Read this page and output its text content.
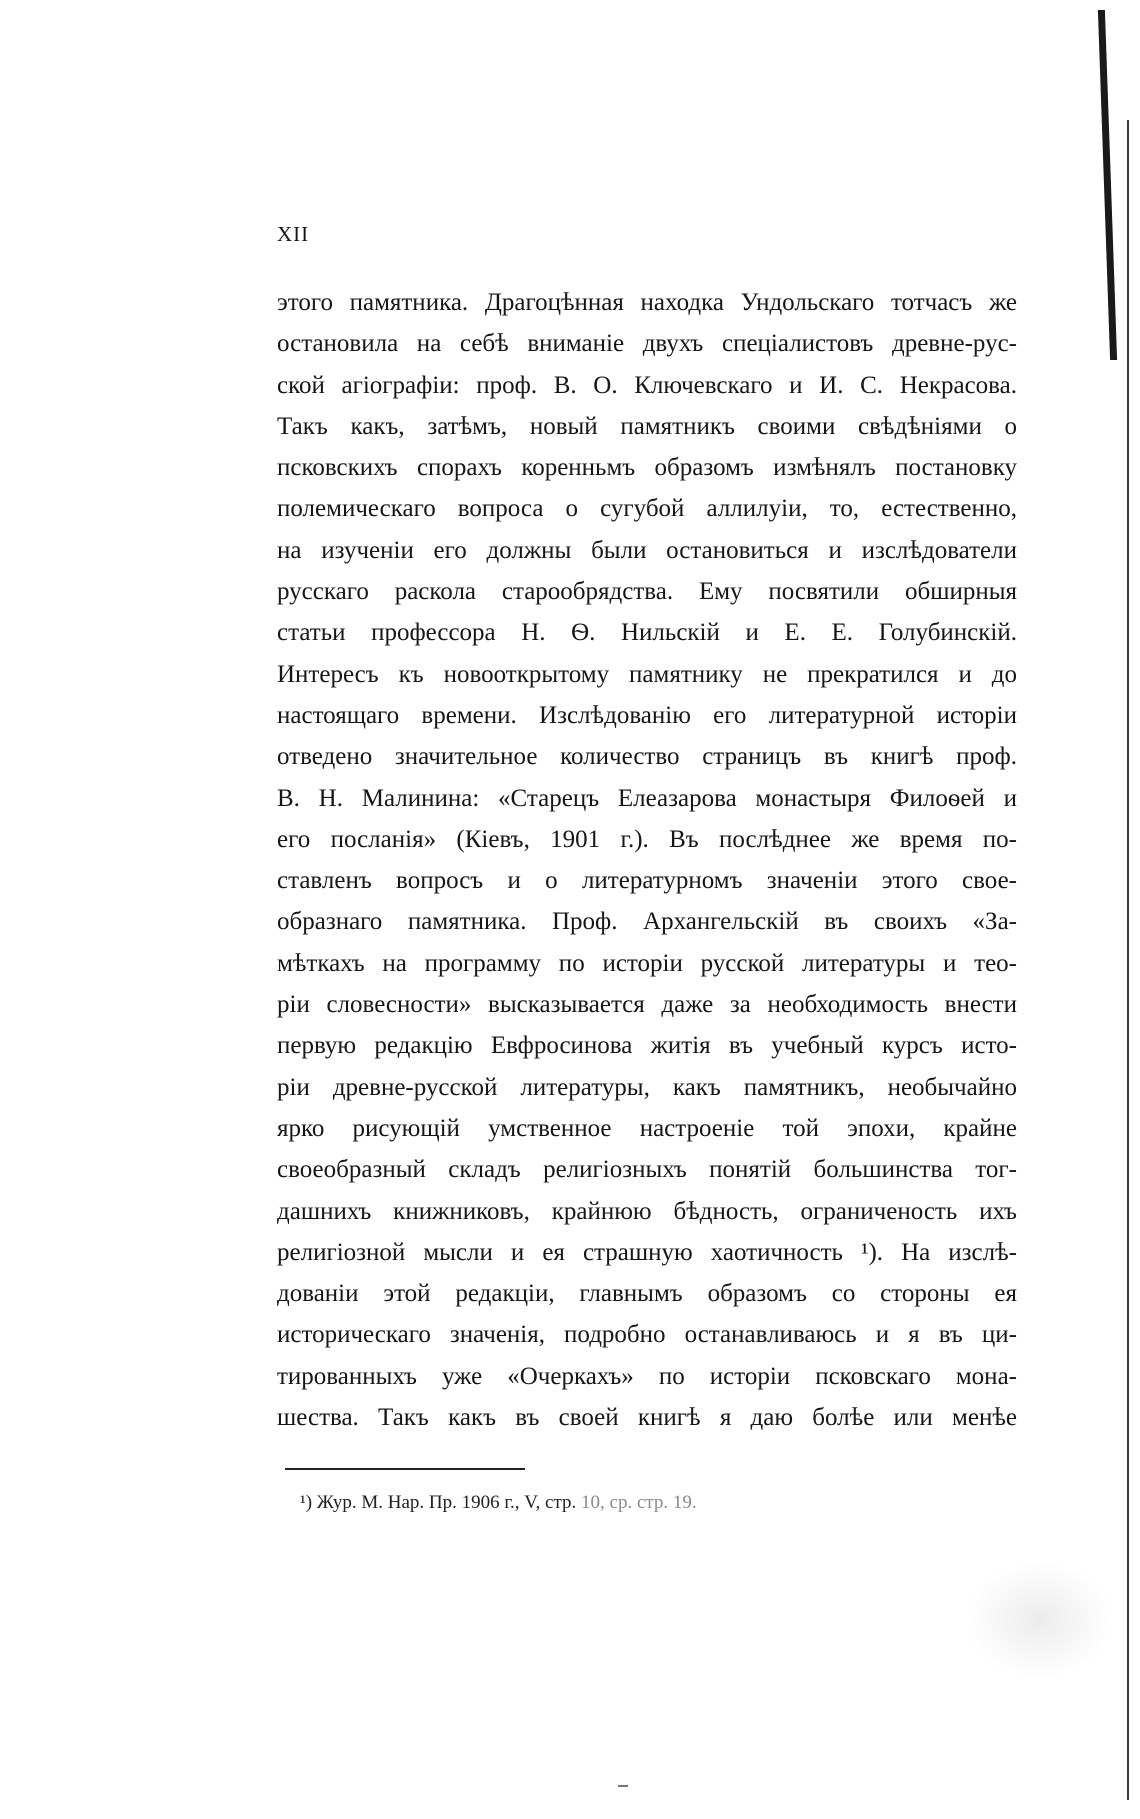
XII
этого памятника. Драгоцѣнная находка Ундольскаго тотчасъ же
остановила на себѣ вниманіе двухъ спеціалистовъ древне-рус-
ской агіографіи: проф. В. О. Ключевскаго и И. С. Некрасова.
Такъ какъ, затѣмъ, новый памятникъ своими свѣдѣніями о
псковскихъ спорахъ коренньмъ образомъ измѣнялъ постановку
полемическаго вопроса о сугубой аллилуіи, то, естественно,
на изученіи его должны были остановиться и изслѣдователи
русскаго раскола старообрядства. Ему посвятили обширныя
статьи профессора Н. Ѳ. Нильскій и Е. Е. Голубинскій.
Интересъ къ новооткрытому памятнику не прекратился и до
настоящаго времени. Изслѣдованію его литературной исторіи
отведено значительное количество страницъ въ книгѣ проф.
В. Н. Малинина: «Старецъ Елеазарова монастыря Филоѳей и
его посланія» (Кіевъ, 1901 г.). Въ послѣднее же время по-
ставленъ вопросъ и о литературномъ значеніи этого свое-
образнаго памятника. Проф. Архангельскій въ своихъ «За-
мѣткахъ на программу по исторіи русской литературы и тео-
ріи словесности» высказывается даже за необходимость внести
первую редакцію Евфросинова житія въ учебный курсъ исто-
ріи древне-русской литературы, какъ памятникъ, необычайно
ярко рисующій умственное настроеніе той эпохи, крайне
своеобразный складъ религіозныхъ понятій большинства тог-
дашнихъ книжниковъ, крайнюю бѣдность, ограниченость ихъ
религіозной мысли и ея страшную хаотичность ¹). На изслѣ-
дованіи этой редакціи, главнымъ образомъ со стороны ея
историческаго значенія, подробно останавливаюсь и я въ ци-
тированныхъ уже «Очеркахъ» по исторіи псковскаго мона-
шества. Такъ какъ въ своей книгѣ я даю болѣе или менѣе
¹) Жур. М. Нар. Пр. 1906 г., V, стр. 10, ср. стр. 19.
